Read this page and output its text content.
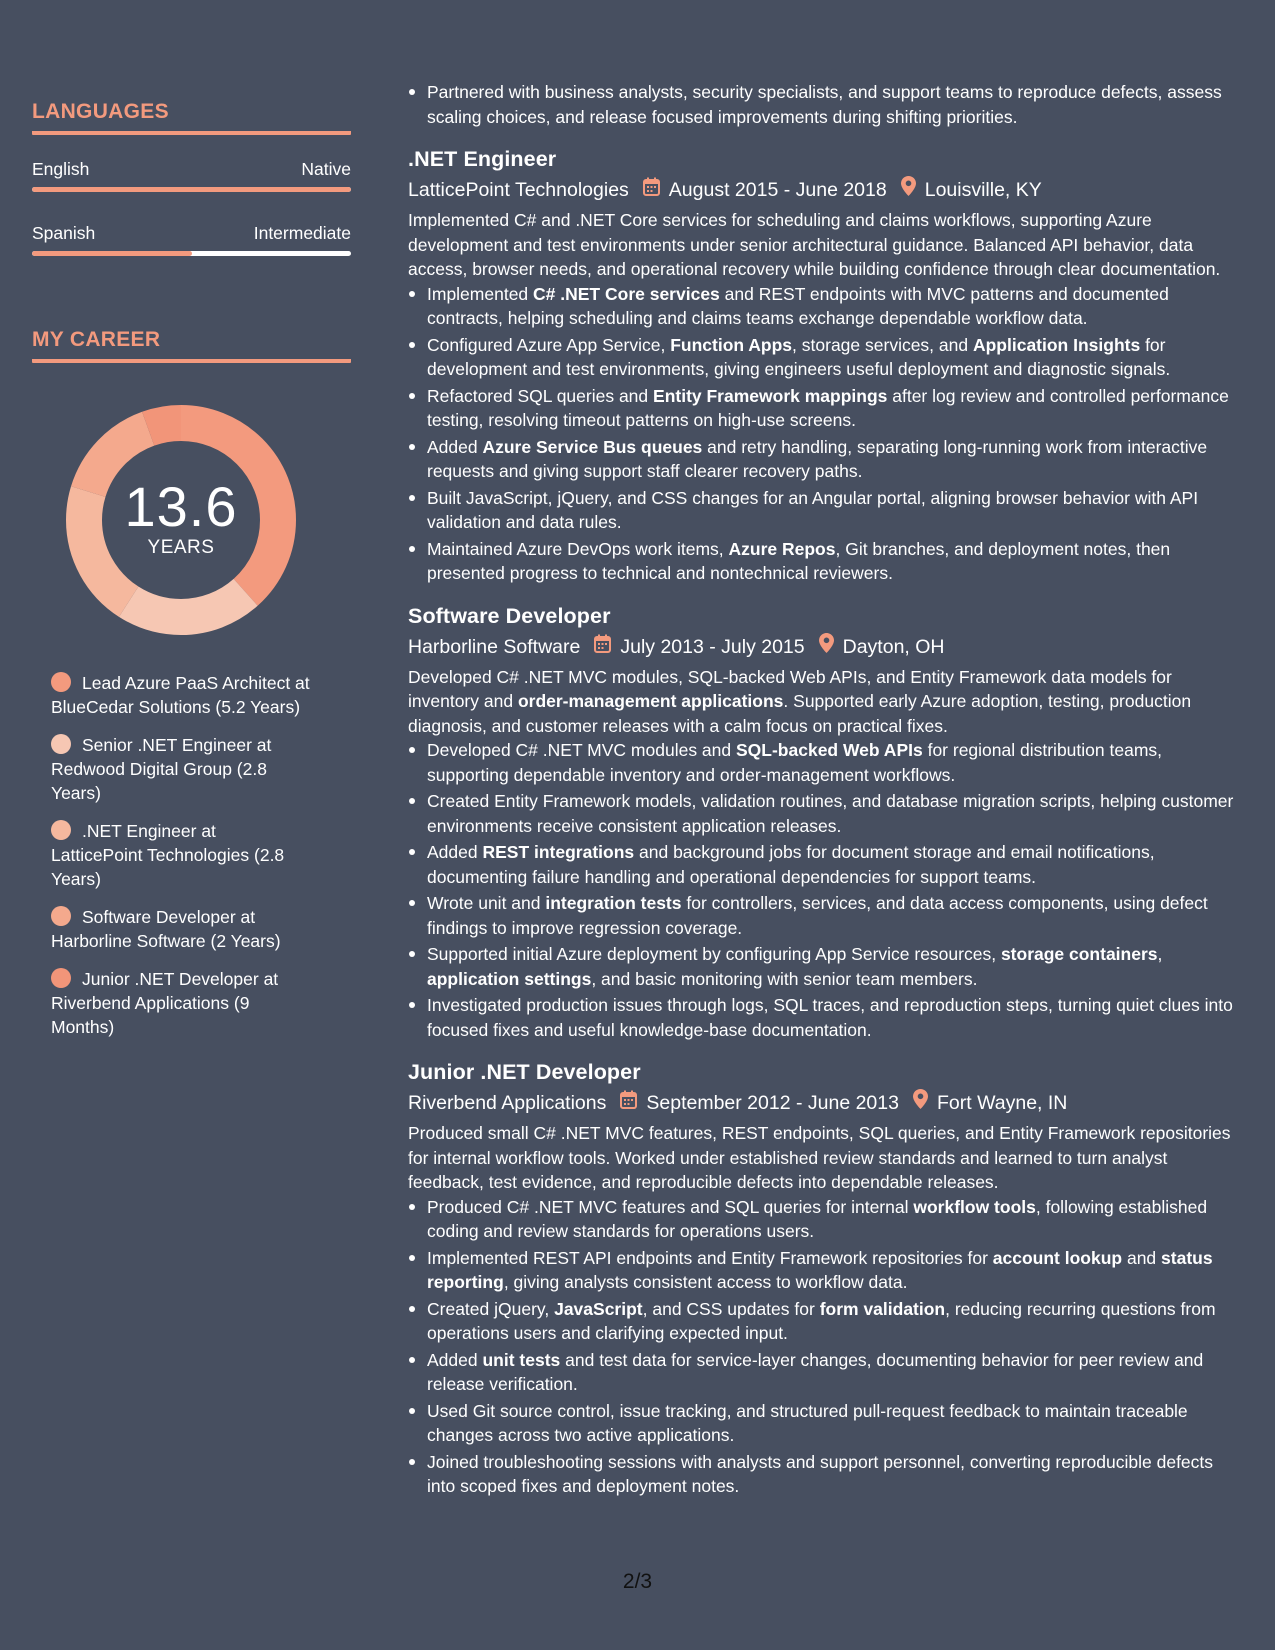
LANGUAGES
English	Native
Spanish	Intermediate
MY CAREER
13.6
YEARS
Lead Azure PaaS Architect at BlueCedar Solutions (5.2 Years)
Senior .NET Engineer at Redwood Digital Group (2.8 Years)
.NET Engineer at LatticePoint Technologies (2.8 Years)
Software Developer at Harborline Software (2 Years)
Junior .NET Developer at Riverbend Applications (9 Months)
Partnered with business analysts, security specialists, and support teams to reproduce defects, assess scaling choices, and release focused improvements during shifting priorities.
.NET Engineer
LatticePoint Technologies August 2015 - June 2018 Louisville, KY

Implemented C# and .NET Core services for scheduling and claims workflows, supporting Azure development and test environments under senior architectural guidance. Balanced API behavior, data access, browser needs, and operational recovery while building confidence through clear documentation.

Implemented C# .NET Core services and REST endpoints with MVC patterns and documented contracts, helping scheduling and claims teams exchange dependable workflow data.
Configured Azure App Service, Function Apps, storage services, and Application Insights for development and test environments, giving engineers useful deployment and diagnostic signals.
Refactored SQL queries and Entity Framework mappings after log review and controlled performance testing, resolving timeout patterns on high-use screens.
Added Azure Service Bus queues and retry handling, separating long-running work from interactive requests and giving support staff clearer recovery paths.
Built JavaScript, jQuery, and CSS changes for an Angular portal, aligning browser behavior with API validation and data rules.
Maintained Azure DevOps work items, Azure Repos, Git branches, and deployment notes, then presented progress to technical and nontechnical reviewers.
Software Developer
Harborline Software July 2013 - July 2015 Dayton, OH

Developed C# .NET MVC modules, SQL-backed Web APIs, and Entity Framework data models for inventory and order-management applications. Supported early Azure adoption, testing, production diagnosis, and customer releases with a calm focus on practical fixes.

Developed C# .NET MVC modules and SQL-backed Web APIs for regional distribution teams, supporting dependable inventory and order-management workflows.
Created Entity Framework models, validation routines, and database migration scripts, helping customer environments receive consistent application releases.
Added REST integrations and background jobs for document storage and email notifications, documenting failure handling and operational dependencies for support teams.
Wrote unit and integration tests for controllers, services, and data access components, using defect findings to improve regression coverage.
Supported initial Azure deployment by configuring App Service resources, storage containers, application settings, and basic monitoring with senior team members.
Investigated production issues through logs, SQL traces, and reproduction steps, turning quiet clues into focused fixes and useful knowledge-base documentation.
Junior .NET Developer
Riverbend Applications September 2012 - June 2013 Fort Wayne, IN

Produced small C# .NET MVC features, REST endpoints, SQL queries, and Entity Framework repositories for internal workflow tools. Worked under established review standards and learned to turn analyst feedback, test evidence, and reproducible defects into dependable releases.

Produced C# .NET MVC features and SQL queries for internal workflow tools, following established coding and review standards for operations users.
Implemented REST API endpoints and Entity Framework repositories for account lookup and status reporting, giving analysts consistent access to workflow data.
Created jQuery, JavaScript, and CSS updates for form validation, reducing recurring questions from operations users and clarifying expected input.
Added unit tests and test data for service-layer changes, documenting behavior for peer review and release verification.
Used Git source control, issue tracking, and structured pull-request feedback to maintain traceable changes across two active applications.
Joined troubleshooting sessions with analysts and support personnel, converting reproducible defects into scoped fixes and deployment notes.
2/3
